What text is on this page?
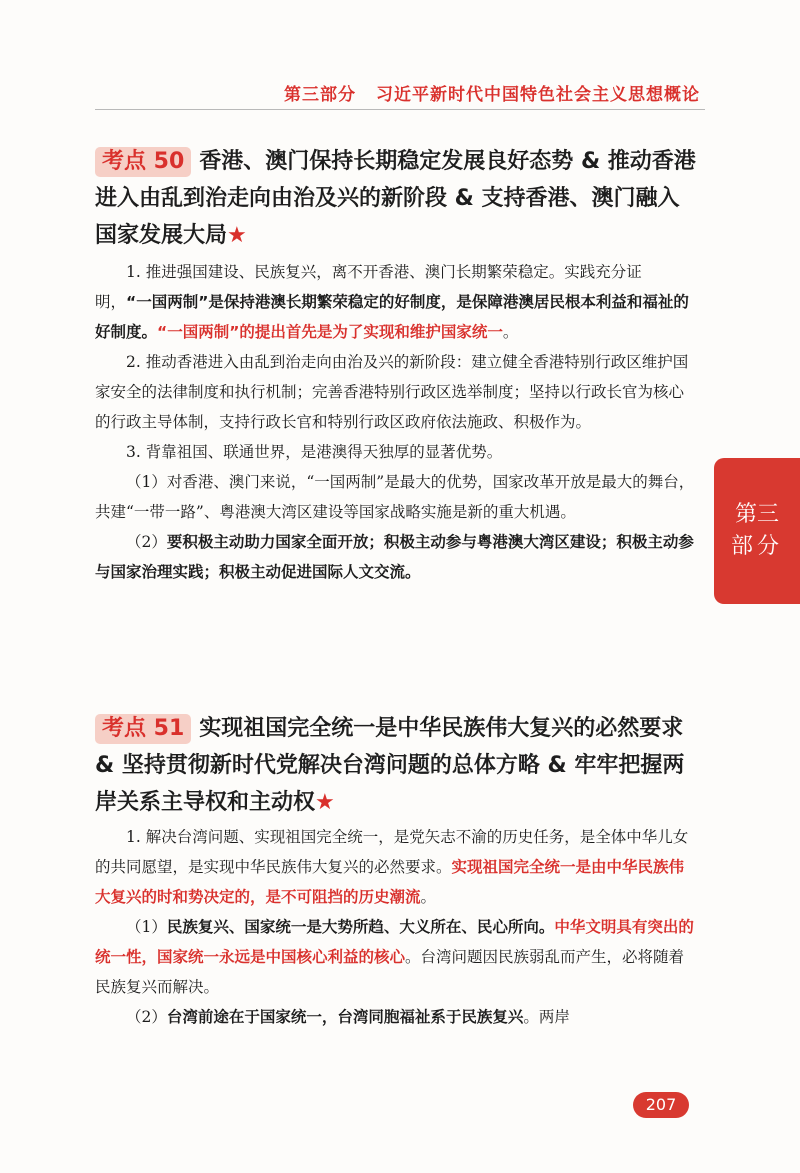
第三部分 习近平新时代中国特色社会主义思想概论
第三
部分
考点 50 香港、澳门保持长期稳定发展良好态势 & 推动香港进入由乱到治走向由治及兴的新阶段 & 支持香港、澳门融入国家发展大局★

1. 推进强国建设、民族复兴，离不开香港、澳门长期繁荣稳定。实践充分证明，“一国两制”是保持港澳长期繁荣稳定的好制度，是保障港澳居民根本利益和福祉的好制度。“一国两制”的提出首先是为了实现和维护国家统一。

2. 推动香港进入由乱到治走向由治及兴的新阶段：建立健全香港特别行政区维护国家安全的法律制度和执行机制；完善香港特别行政区选举制度；坚持以行政长官为核心的行政主导体制，支持行政长官和特别行政区政府依法施政、积极作为。

3. 背靠祖国、联通世界，是港澳得天独厚的显著优势。

（1）对香港、澳门来说，“一国两制”是最大的优势，国家改革开放是最大的舞台，共建“一带一路”、粤港澳大湾区建设等国家战略实施是新的重大机遇。

（2）要积极主动助力国家全面开放；积极主动参与粤港澳大湾区建设；积极主动参与国家治理实践；积极主动促进国际人文交流。

考点 51 实现祖国完全统一是中华民族伟大复兴的必然要求 & 坚持贯彻新时代党解决台湾问题的总体方略 & 牢牢把握两岸关系主导权和主动权★

1. 解决台湾问题、实现祖国完全统一，是党矢志不渝的历史任务，是全体中华儿女的共同愿望，是实现中华民族伟大复兴的必然要求。实现祖国完全统一是由中华民族伟大复兴的时和势决定的，是不可阻挡的历史潮流。

（1）民族复兴、国家统一是大势所趋、大义所在、民心所向。中华文明具有突出的统一性，国家统一永远是中国核心利益的核心。台湾问题因民族弱乱而产生，必将随着民族复兴而解决。

（2）台湾前途在于国家统一，台湾同胞福祉系于民族复兴。两岸

207
